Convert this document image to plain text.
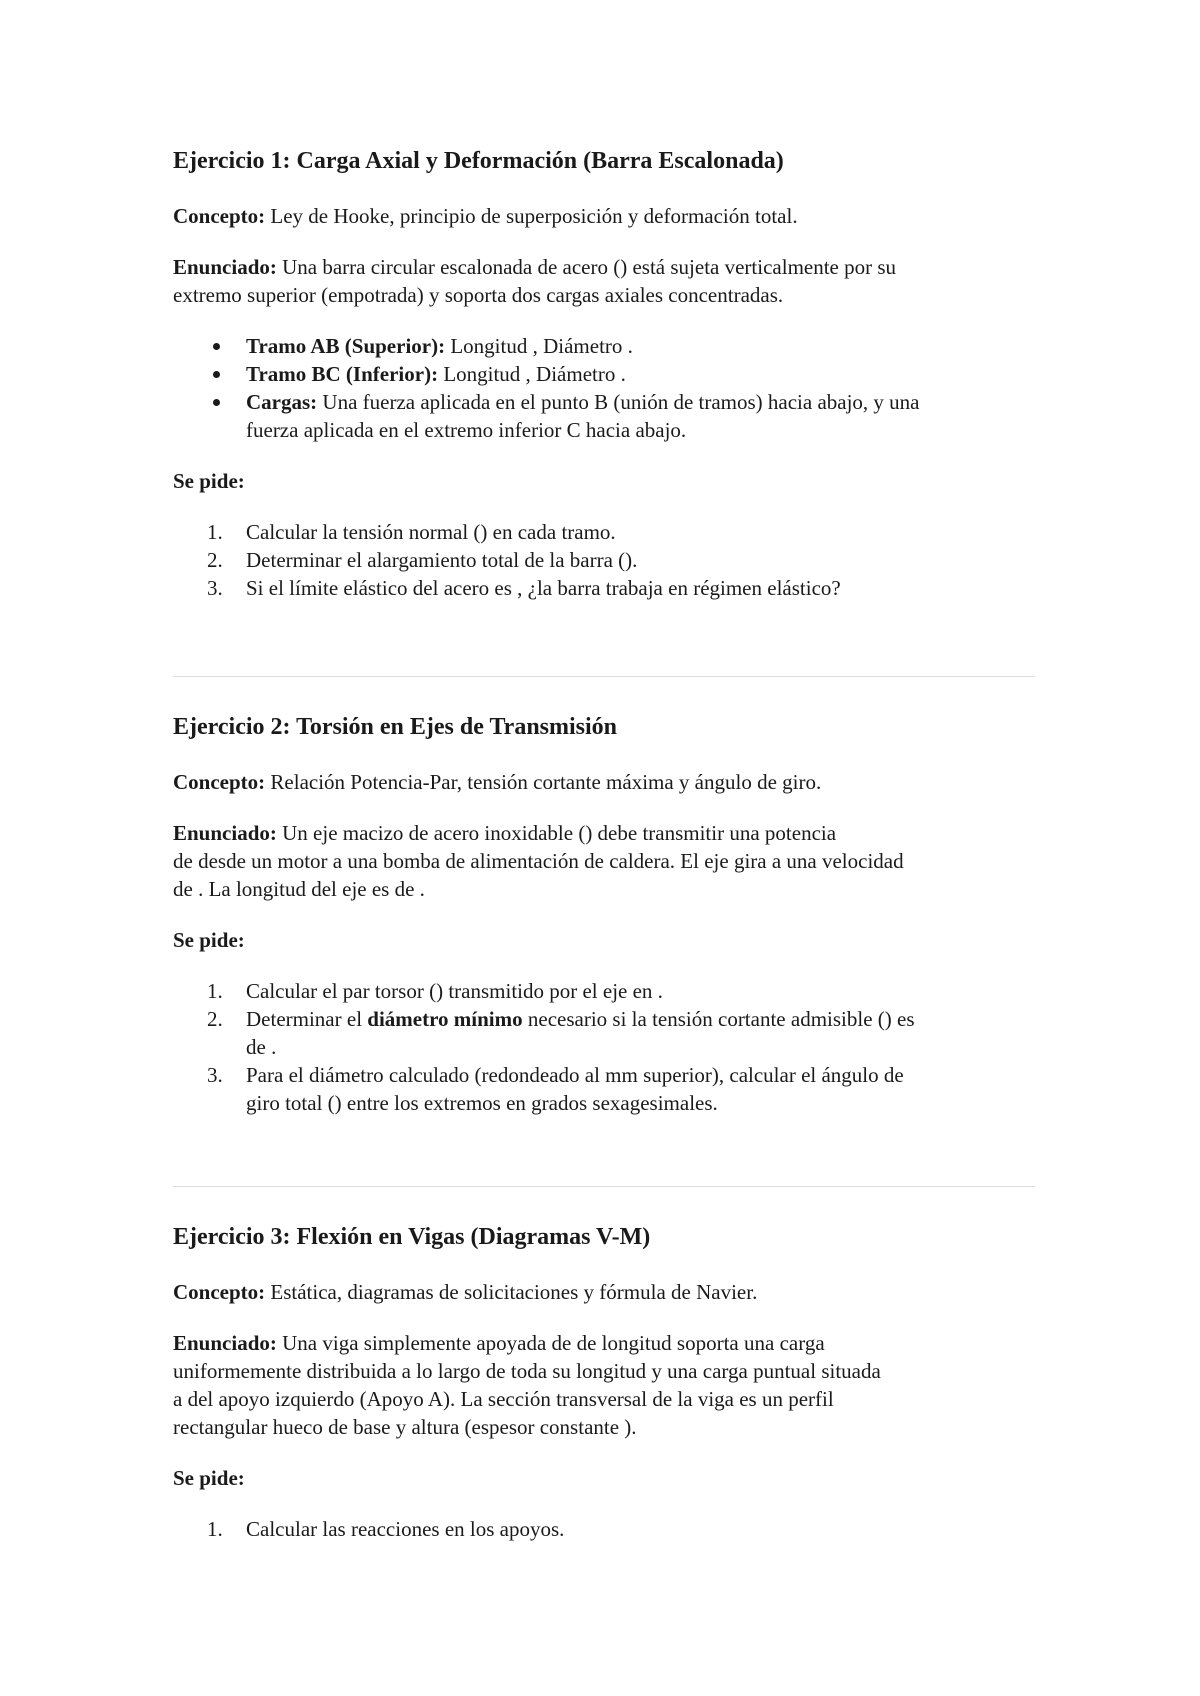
Ejercicio 1: Carga Axial y Deformación (Barra Escalonada)

Concepto: Ley de Hooke, principio de superposición y deformación total.

Enunciado: Una barra circular escalonada de acero () está sujeta verticalmente por su
extremo superior (empotrada) y soporta dos cargas axiales concentradas.

Tramo AB (Superior): Longitud , Diámetro .
Tramo BC (Inferior): Longitud , Diámetro .
Cargas: Una fuerza aplicada en el punto B (unión de tramos) hacia abajo, y una
fuerza aplicada en el extremo inferior C hacia abajo.

Se pide:

1. Calcular la tensión normal () en cada tramo.
2. Determinar el alargamiento total de la barra ().
3. Si el límite elástico del acero es , ¿la barra trabaja en régimen elástico?
Ejercicio 2: Torsión en Ejes de Transmisión

Concepto: Relación Potencia-Par, tensión cortante máxima y ángulo de giro.

Enunciado: Un eje macizo de acero inoxidable () debe transmitir una potencia
de desde un motor a una bomba de alimentación de caldera. El eje gira a una velocidad
de . La longitud del eje es de .

Se pide:

1. Calcular el par torsor () transmitido por el eje en .
2. Determinar el diámetro mínimo necesario si la tensión cortante admisible () es
de .
3. Para el diámetro calculado (redondeado al mm superior), calcular el ángulo de
giro total () entre los extremos en grados sexagesimales.
Ejercicio 3: Flexión en Vigas (Diagramas V-M)

Concepto: Estática, diagramas de solicitaciones y fórmula de Navier.

Enunciado: Una viga simplemente apoyada de de longitud soporta una carga
uniformemente distribuida a lo largo de toda su longitud y una carga puntual situada
a del apoyo izquierdo (Apoyo A). La sección transversal de la viga es un perfil
rectangular hueco de base y altura (espesor constante ).

Se pide:

1. Calcular las reacciones en los apoyos.
